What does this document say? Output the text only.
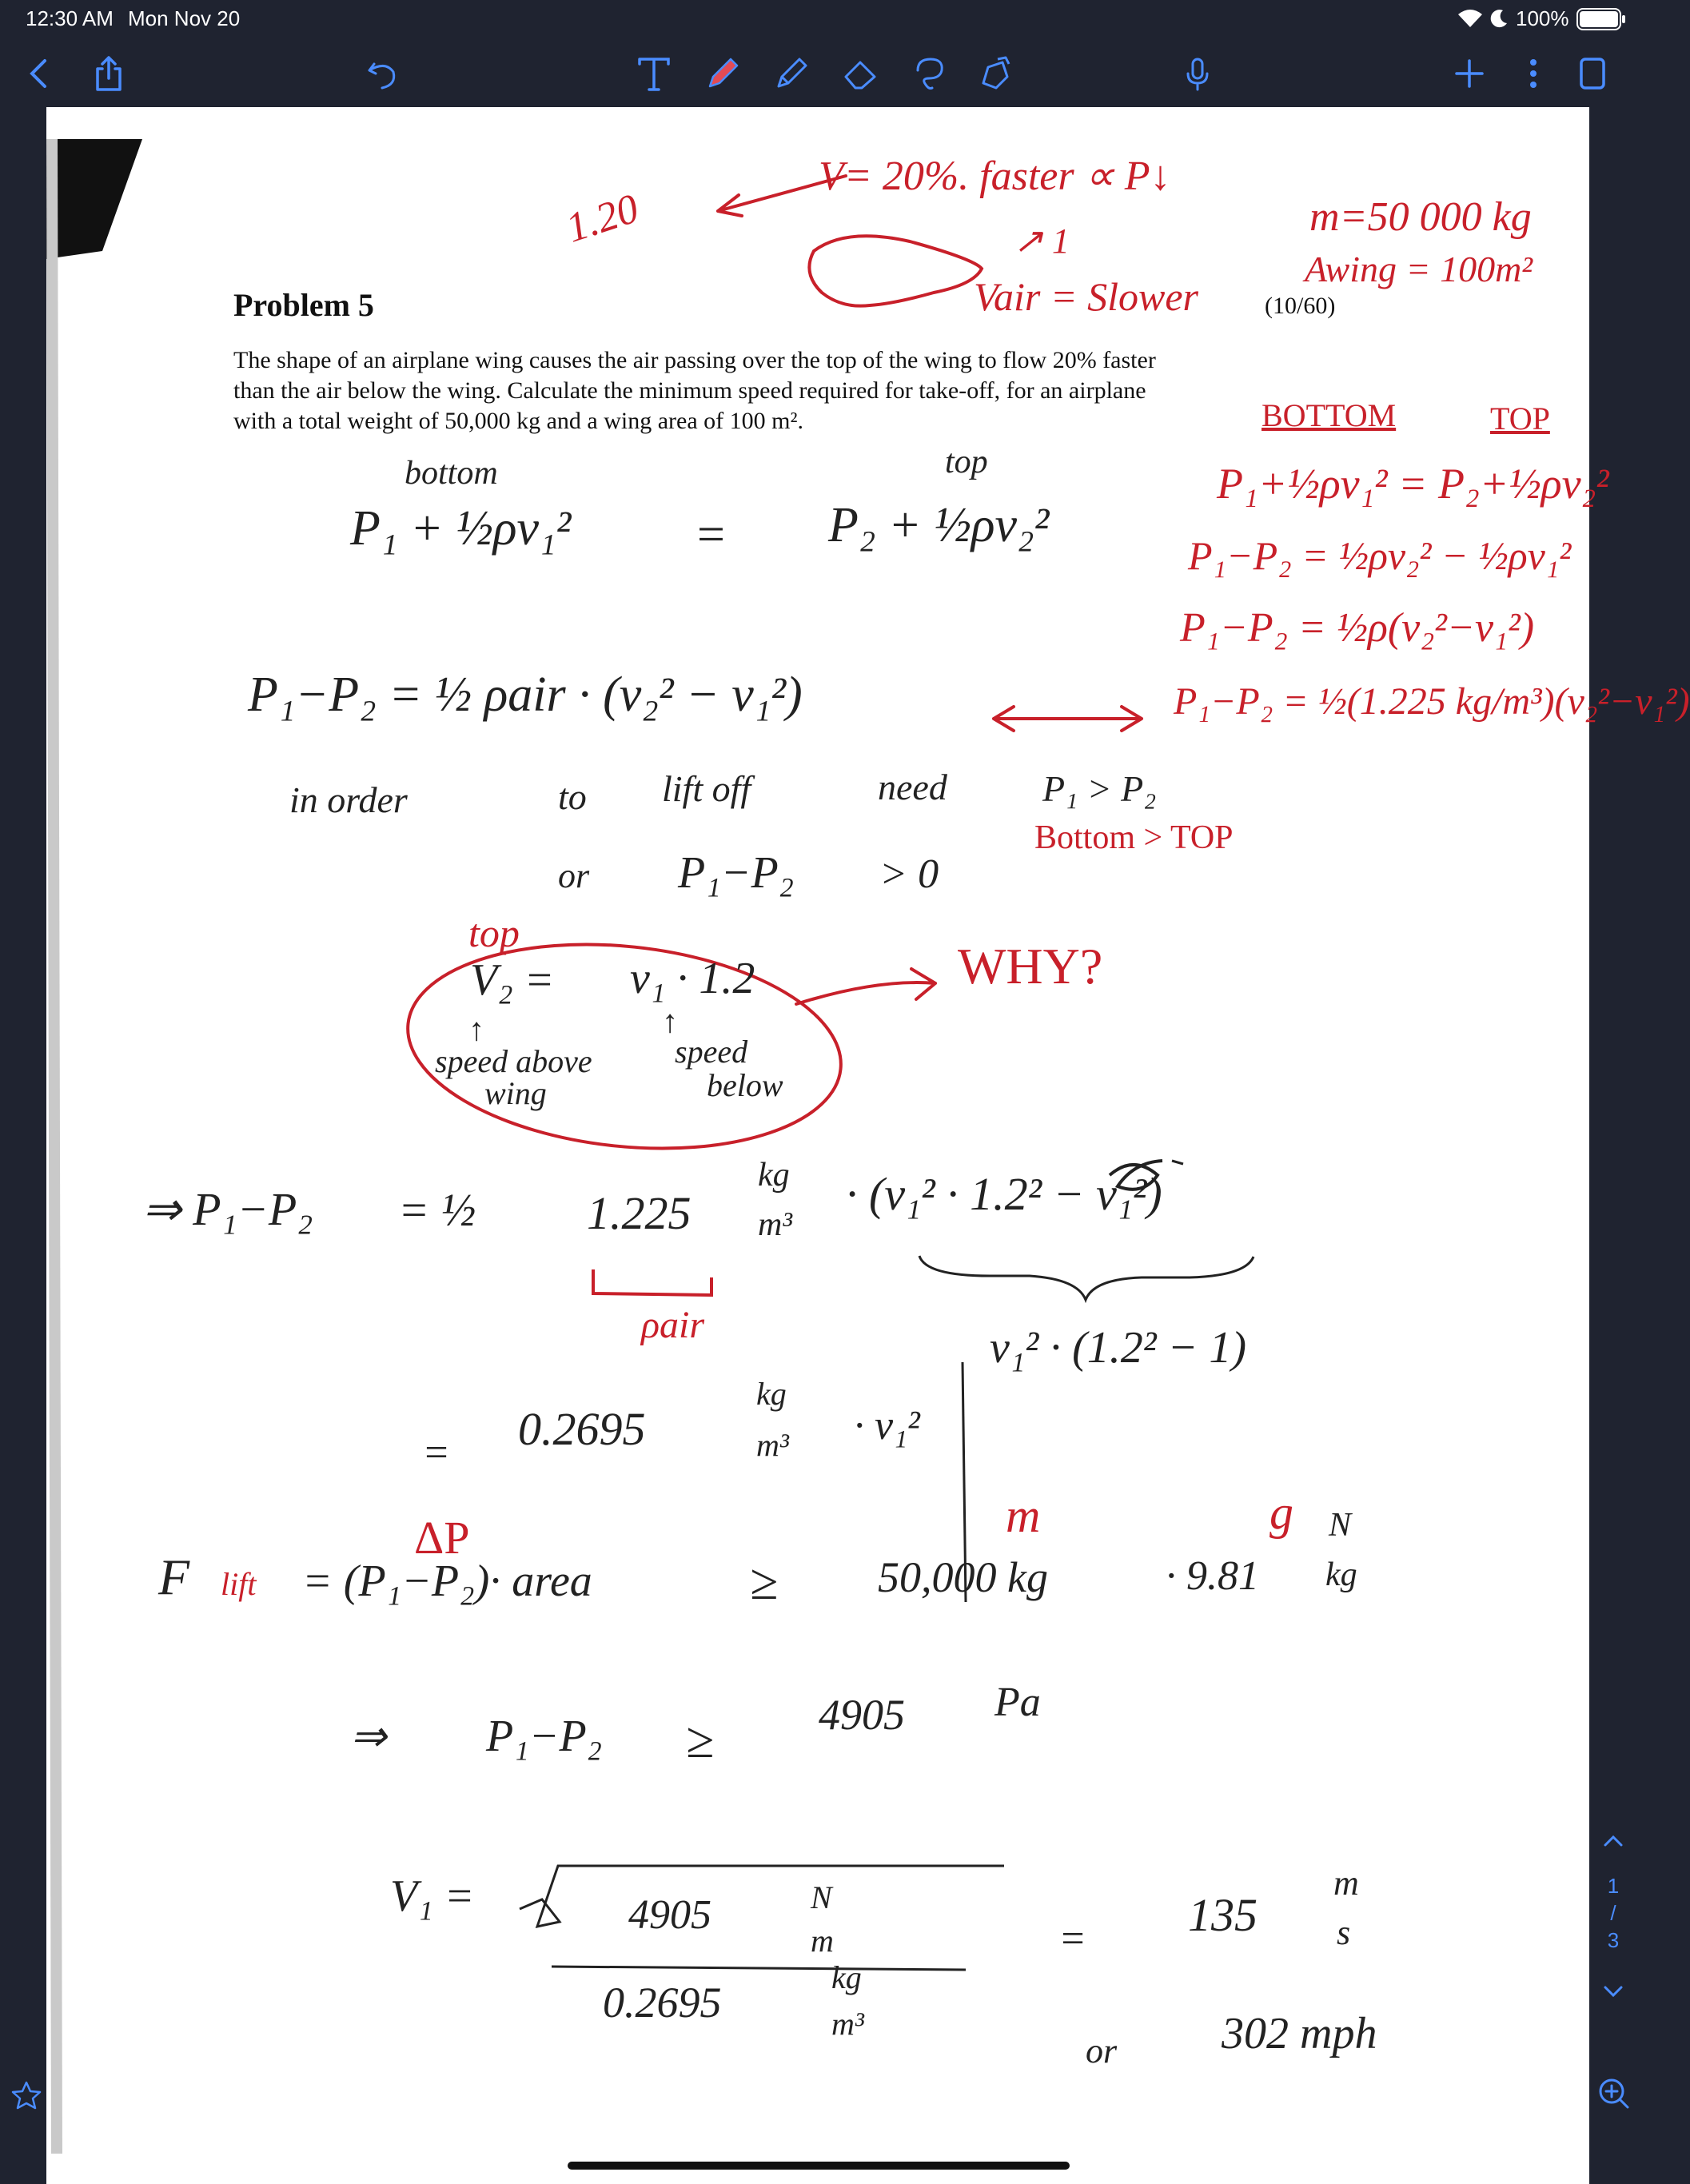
12:30 AM Mon Nov 20	100%
1
/
3
Problem 5	(10/60)
The shape of an airplane wing causes the air passing over the top of the wing to flow 20% faster
than the air below the wing. Calculate the minimum speed required for take-off, for an airplane
with a total weight of 50,000 kg and a wing area of 100 m².
1.20
V= 20%. faster ∝ P↓
↗ 1
Vair = Slower
m=50 000 kg
Awing = 100m²
BOTTOM	TOP
P₁+½ρv₁² = P₂+½ρv₂²
P₁−P₂ = ½ρv₂² − ½ρv₁²
P₁−P₂ = ½ρ(v₂²−v₁²)
P₁−P₂ = ½(1.225 kg/m³)(v₂²−v₁²)
P₁ > P₂
Bottom > TOP
WHY?
top
lift
bottom	top
P₁ + ½ρv₁² = P₂ + ½ρv₂²
P₁−P₂ = ½ ρair · (v₂² − v₁²)
in order	to lift off	need
or P₁−P₂ > 0
V₂ = v₁ · 1.2
↑
speed above
wing
↑
speed
below
⇒ P₁−P₂ = ½ 1.225
kg
m³
· (v₁² · 1.2² − v₁²)
ρair
= 0.2695
kg
m³ · v₁²
v₁² · (1.2² − 1)
ΔP
F	= (P₁−P₂)· area	≥
m
50,000 kg
g
· 9.81
N
kg
⇒ P₁−P₂ ≥ 4905 Pa
V₁ =	4905	N
m
0.2695
kg
m³
= 135
m
s
or 302 mph
